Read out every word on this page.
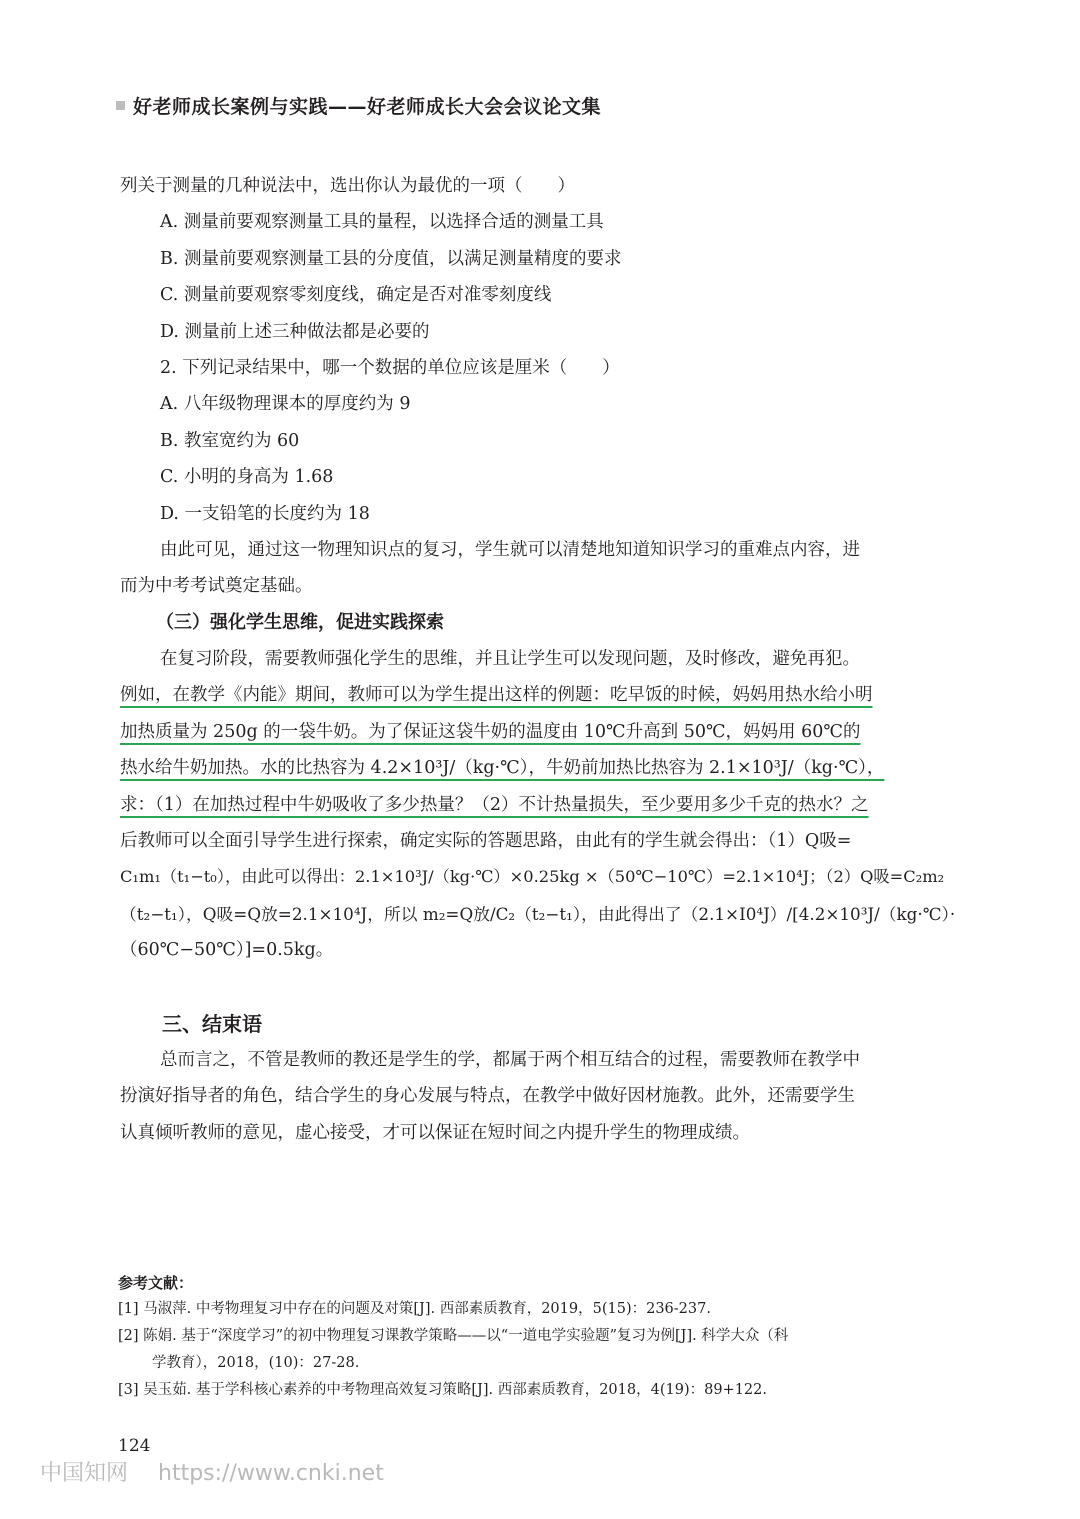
好老师成长案例与实践——好老师成长大会会议论文集
列关于测量的几种说法中，选出你认为最优的一项（　　）
A. 测量前要观察测量工具的量程，以选择合适的测量工具
B. 测量前要观察测量工县的分度值，以满足测量精度的要求
C. 测量前要观察零刻度线，确定是否对准零刻度线
D. 测量前上述三种做法都是必要的
2. 下列记录结果中，哪一个数据的单位应该是厘米（　　）
A. 八年级物理课本的厚度约为 9
B. 教室宽约为 60
C. 小明的身高为 1.68
D. 一支铅笔的长度约为 18
由此可见，通过这一物理知识点的复习，学生就可以清楚地知道知识学习的重难点内容，进
而为中考考试奠定基础。
（三）强化学生思维，促进实践探索
在复习阶段，需要教师强化学生的思维，并且让学生可以发现问题，及时修改，避免再犯。
例如，在教学《内能》期间，教师可以为学生提出这样的例题：吃早饭的时候，妈妈用热水给小明
加热质量为 250g 的一袋牛奶。为了保证这袋牛奶的温度由 10℃升高到 50℃，妈妈用 60℃的
热水给牛奶加热。水的比热容为 4.2×10³J/（kg·℃），牛奶前加热比热容为 2.1×10³J/（kg·℃），
求：（1）在加热过程中牛奶吸收了多少热量？（2）不计热量损失，至少要用多少千克的热水？之
后教师可以全面引导学生进行探索，确定实际的答题思路，由此有的学生就会得出：（1）Q吸=
C₁m₁（t₁−t₀），由此可以得出：2.1×10³J/（kg·℃）×0.25kg ×（50℃−10℃）=2.1×10⁴J；（2）Q吸=C₂m₂
（t₂−t₁），Q吸=Q放=2.1×10⁴J，所以 m₂=Q放/C₂（t₂−t₁），由此得出了（2.1×I0⁴J）/[4.2×10³J/（kg·℃）·
（60℃−50℃）]=0.5kg。
三、结束语
总而言之，不管是教师的教还是学生的学，都属于两个相互结合的过程，需要教师在教学中
扮演好指导者的角色，结合学生的身心发展与特点，在教学中做好因材施教。此外，还需要学生
认真倾听教师的意见，虚心接受，才可以保证在短时间之内提升学生的物理成绩。
参考文献：
[1] 马淑萍. 中考物理复习中存在的问题及对策[J]. 西部素质教育，2019，5(15)：236-237.
[2] 陈娟. 基于“深度学习”的初中物理复习课教学策略——以“一道电学实验题”复习为例[J]. 科学大众（科
学教育），2018，(10)：27-28.
[3] 吴玉茹. 基于学科核心素养的中考物理高效复习策略[J]. 西部素质教育，2018，4(19)：89+122.
124
中国知网 https://www.cnki.net
